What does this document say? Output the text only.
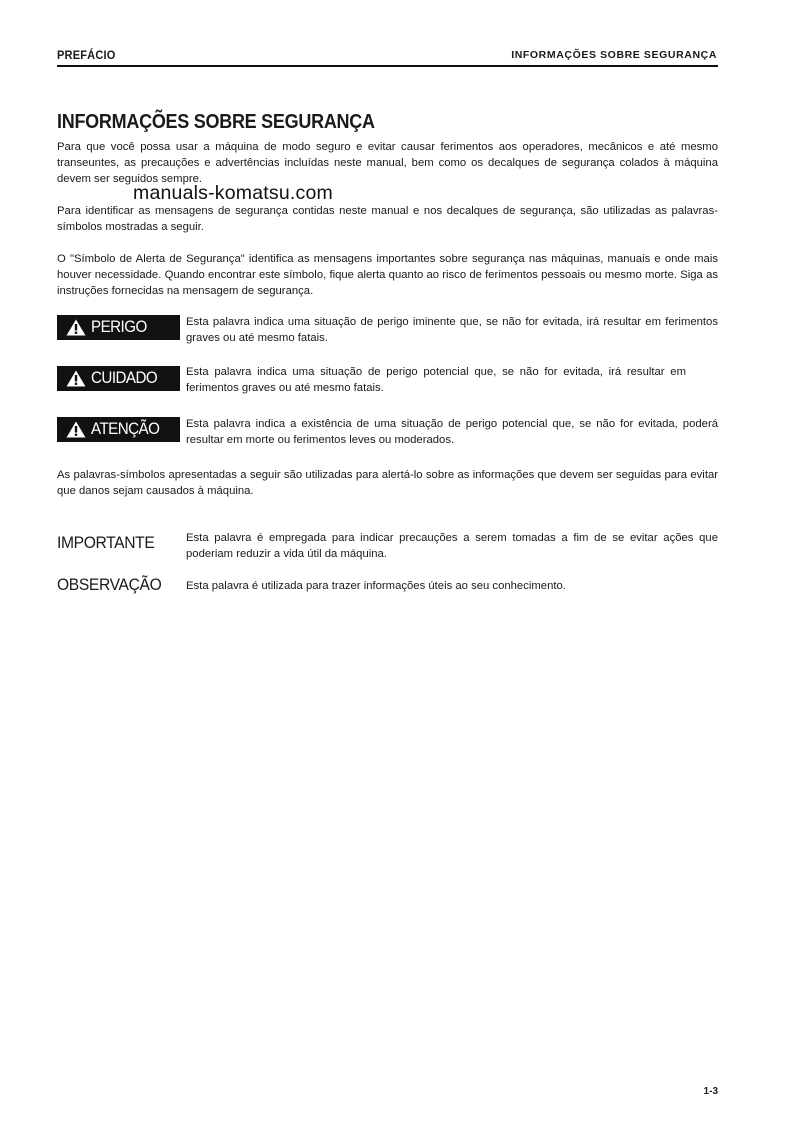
PREFÁCIO	INFORMAÇÕES SOBRE SEGURANÇA
INFORMAÇÕES SOBRE SEGURANÇA

Para que você possa usar a máquina de modo seguro e evitar causar ferimentos aos operadores, mecânicos e até mesmo transeuntes, as precauções e advertências incluídas neste manual, bem como os decalques de segurança colados à máquina devem ser seguidos sempre.

manuals-komatsu.com

Para identificar as mensagens de segurança contidas neste manual e nos decalques de segurança, são utilizadas as palavras-símbolos mostradas a seguir.

O "Símbolo de Alerta de Segurança" identifica as mensagens importantes sobre segurança nas máquinas, manuais e onde mais houver necessidade. Quando encontrar este símbolo, fique alerta quanto ao risco de ferimentos pessoais ou mesmo morte. Siga as instruções fornecidas na mensagem de segurança.

PERIGO	Esta palavra indica uma situação de perigo iminente que, se não for evitada, irá resultar em ferimentos graves ou até mesmo fatais.

CUIDADO	Esta palavra indica uma situação de perigo potencial que, se não for evitada, irá resultar em ferimentos graves ou até mesmo fatais.

ATENÇÃO Esta palavra indica a existência de uma situação de perigo potencial que, se não for evitada, poderá resultar em morte ou ferimentos leves ou moderados.

As palavras-símbolos apresentadas a seguir são utilizadas para alertá-lo sobre as informações que devem ser seguidas para evitar que danos sejam causados à máquina.

IMPORTANTE	Esta palavra é empregada para indicar precauções a serem tomadas a fim de se evitar ações que poderiam reduzir a vida útil da máquina.

OBSERVAÇÃO Esta palavra é utilizada para trazer informações úteis ao seu conhecimento.

1-3
